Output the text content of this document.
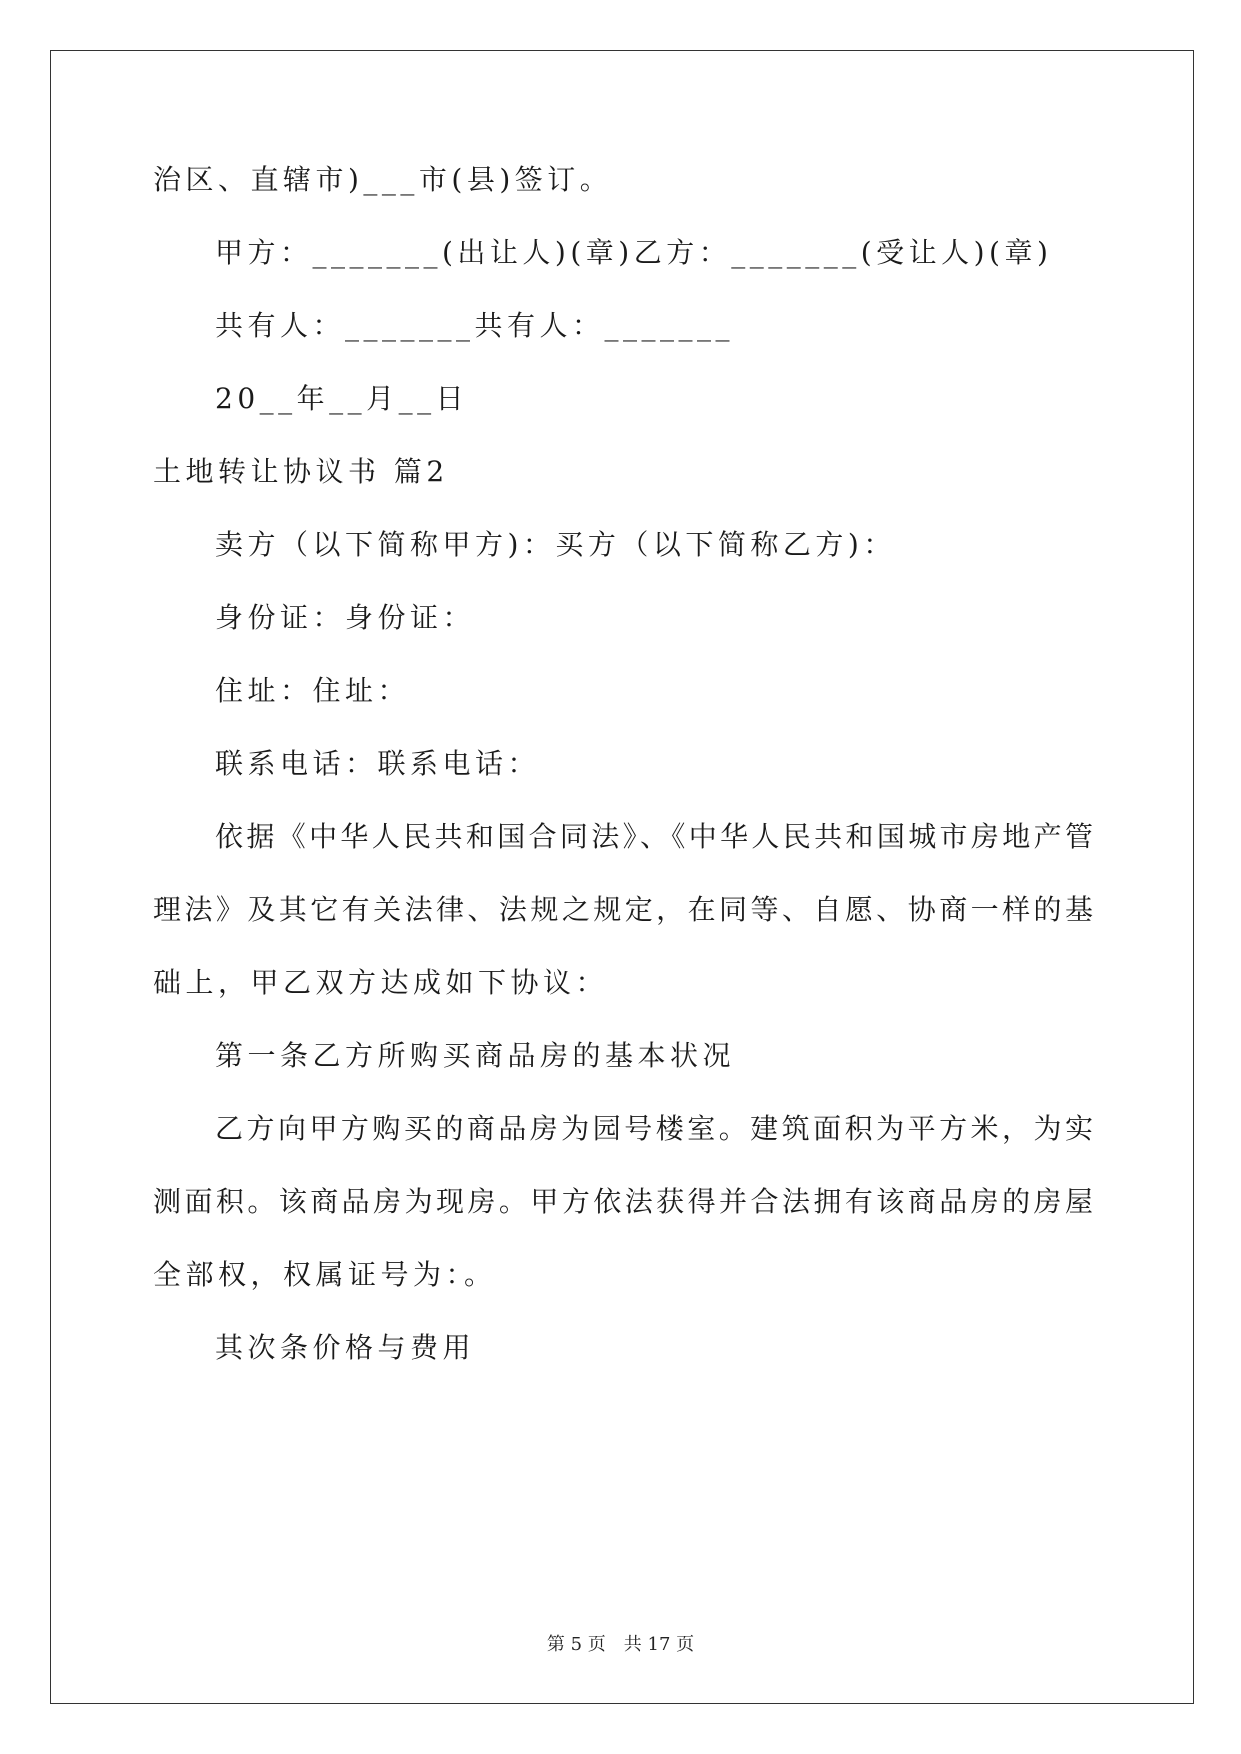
治区、直辖市)___市(县)签订。
甲方：_______(出让人)(章)乙方：_______(受让人)(章)
共有人：_______共有人：_______
20__年__月__日
土地转让协议书 篇2
卖方（以下简称甲方)：买方（以下简称乙方)：
身份证：身份证：
住址：住址：
联系电话：联系电话：
依据《中华人民共和国合同法》、《中华人民共和国城市房地产管
理法》及其它有关法律、法规之规定，在同等、自愿、协商一样的基
础上，甲乙双方达成如下协议：
第一条乙方所购买商品房的基本状况
乙方向甲方购买的商品房为园号楼室。建筑面积为平方米，为实
测面积。该商品房为现房。甲方依法获得并合法拥有该商品房的房屋
全部权，权属证号为：。
其次条价格与费用
第 5 页　共 17 页
